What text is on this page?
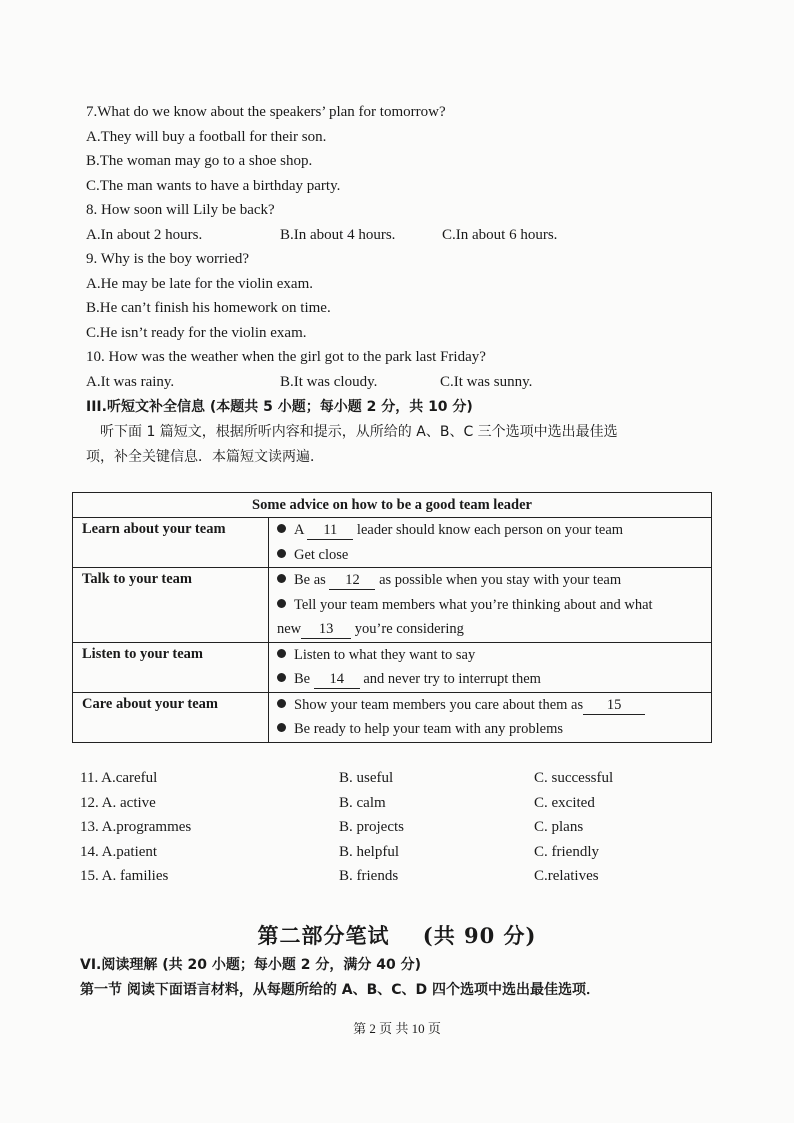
7.What do we know about the speakers’ plan for tomorrow?
A.They will buy a football for their son.
B.The woman may go to a shoe shop.
C.The man wants to have a birthday party.
8. How soon will Lily be back?
A.In about 2 hours.	B.In about 4 hours.	C.In about 6 hours.
9. Why is the boy worried?
A.He may be late for the violin exam.
B.He can’t finish his homework on time.
C.He isn’t ready for the violin exam.
10. How was the weather when the girl got to the park last Friday?
A.It was rainy.	B.It was cloudy.	C.It was sunny.
III.听短文补全信息 (本题共 5 小题；每小题 2 分，共 10 分)
听下面 1 篇短文，根据所听内容和提示，从所给的 A、B、C 三个选项中选出最佳选
项，补全关键信息．本篇短文读两遍．
Some advice on how to be a good team leader	
Learn about your team	A 11 leader should know each person on your team
Get close

Talk to your team	Be as 12 as possible when you stay with your team
Tell your team members what you’re thinking about and what
new 13 you’re considering

Listen to your team	Listen to what they want to say
Be 14 and never try to interrupt them

Care about your team	Show your team members you care about them as 15
Be ready to help your team with any problems
11. A.careful	B. useful	C. successful
12. A. active	B. calm	C. excited
13. A.programmes	B. projects	C. plans
14. A.patient	B. helpful	C. friendly
15. A. families	B. friends	C.relatives
第二部分笔试    (共 90 分)
VI.阅读理解 (共 20 小题；每小题 2 分，满分 40 分)
第一节 阅读下面语言材料，从每题所给的 A、B、C、D 四个选项中选出最佳选项．
第 2 页 共 10 页
